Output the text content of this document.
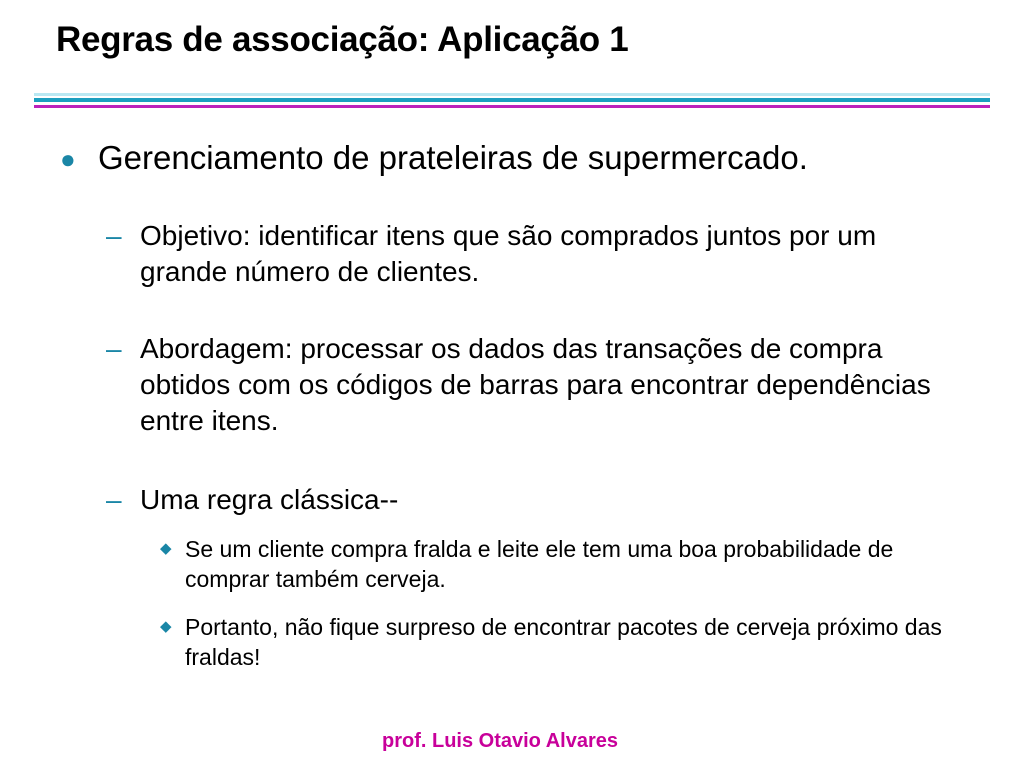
Regras de associação: Aplicação 1
● Gerenciamento de prateleiras de supermercado.
– Objetivo: identificar itens que são comprados juntos por um grande número de clientes.
– Abordagem: processar os dados das transações de compra obtidos com os códigos de barras para encontrar dependências entre itens.
– Uma regra clássica--
◆ Se um cliente compra fralda e leite ele tem uma boa probabilidade de comprar também cerveja.
◆ Portanto, não fique surpreso de encontrar pacotes de cerveja próximo das fraldas!
prof. Luis Otavio Alvares
